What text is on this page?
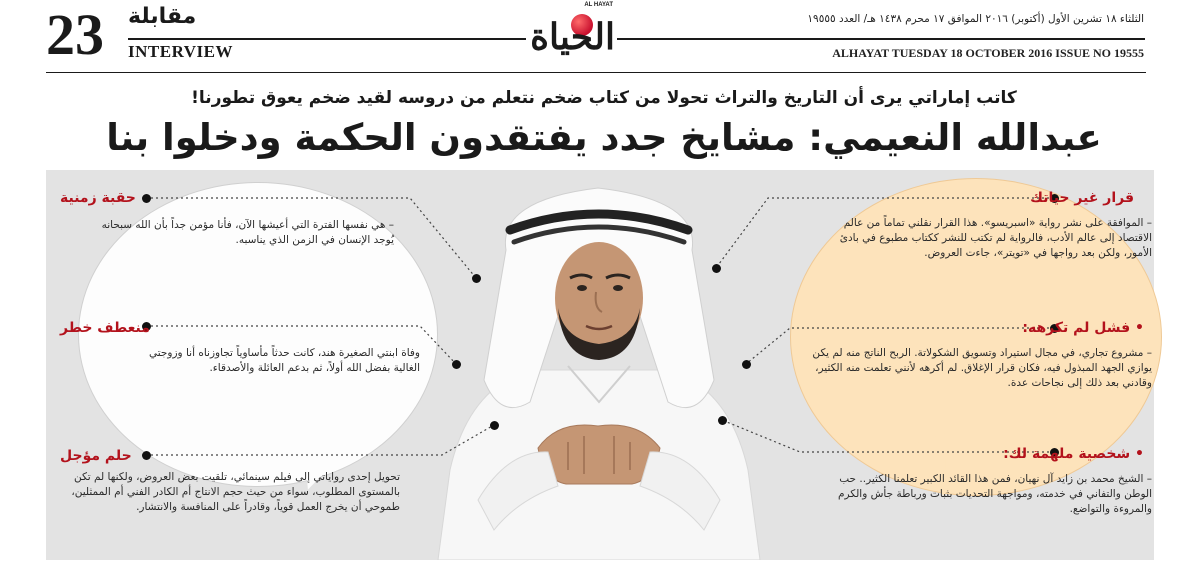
23 مقابلة
INTERVIEW
AL HAYAT
الحياة	الثلثاء ١٨ تشرين الأول (أكتوبر) ٢٠١٦ الموافق ١٧ محرم ١٤٣٨ هـ/ العدد ١٩٥٥٥
ALHAYAT TUESDAY 18 OCTOBER 2016 ISSUE NO 19555
كاتب إماراتي يرى أن التاريخ والتراث تحولا من كتاب ضخم نتعلم من دروسه لقيد ضخم يعوق تطورنا!
عبدالله النعيمي: مشايخ جدد يفتقدون الحكمة ودخلوا بنا
حقبة زمنية
– هي نفسها الفترة التي أعيشها الآن، فأنا مؤمن جداً بأن الله سبحانه يُوجد الإنسان في الزمن الذي يناسبه.
منعطف خطر
وفاة ابنتي الصغيرة هند، كانت حدثاً مأساوياً تجاوزناه أنا وزوجتي الغالية بفضل الله أولاً، ثم بدعم العائلة والأصدقاء.
حلم مؤجل
تحويل إحدى رواياتي إلى فيلم سينمائي، تلقيت بعض العروض، ولكنها لم تكن بالمستوى المطلوب، سواء من حيث حجم الانتاج أم الكادر الفني أم الممثلين، طموحي أن يخرج العمل قوياً، وقادراً على المنافسة والانتشار.
قرار غير حياتك
– الموافقة على نشر رواية «اسبريسو». هذا القرار نقلني تماماً من عالم الاقتصاد إلى عالم الأدب، فالرواية لم تكتب للنشر ككتاب مطبوع في بادئ الأمور، ولكن بعد رواجها في «تويتر»، جاءت العروض.
• فشل لم تكرهه:
– مشروع تجاري، في مجال استيراد وتسويق الشكولاتة. الربح الناتج منه لم يكن يوازي الجهد المبذول فيه، فكان قرار الإغلاق. لم أكرهه لأنني تعلمت منه الكثير، وقادني بعد ذلك إلى نجاحات عدة.
• شخصية ملهمة لك:
– الشيخ محمد بن زايد آل نهيان، فمن هذا القائد الكبير تعلمنا الكثير.. حب الوطن والتفاني في خدمته، ومواجهة التحديات بثبات ورباطة جأش والكرم والمروءة والتواضع.
